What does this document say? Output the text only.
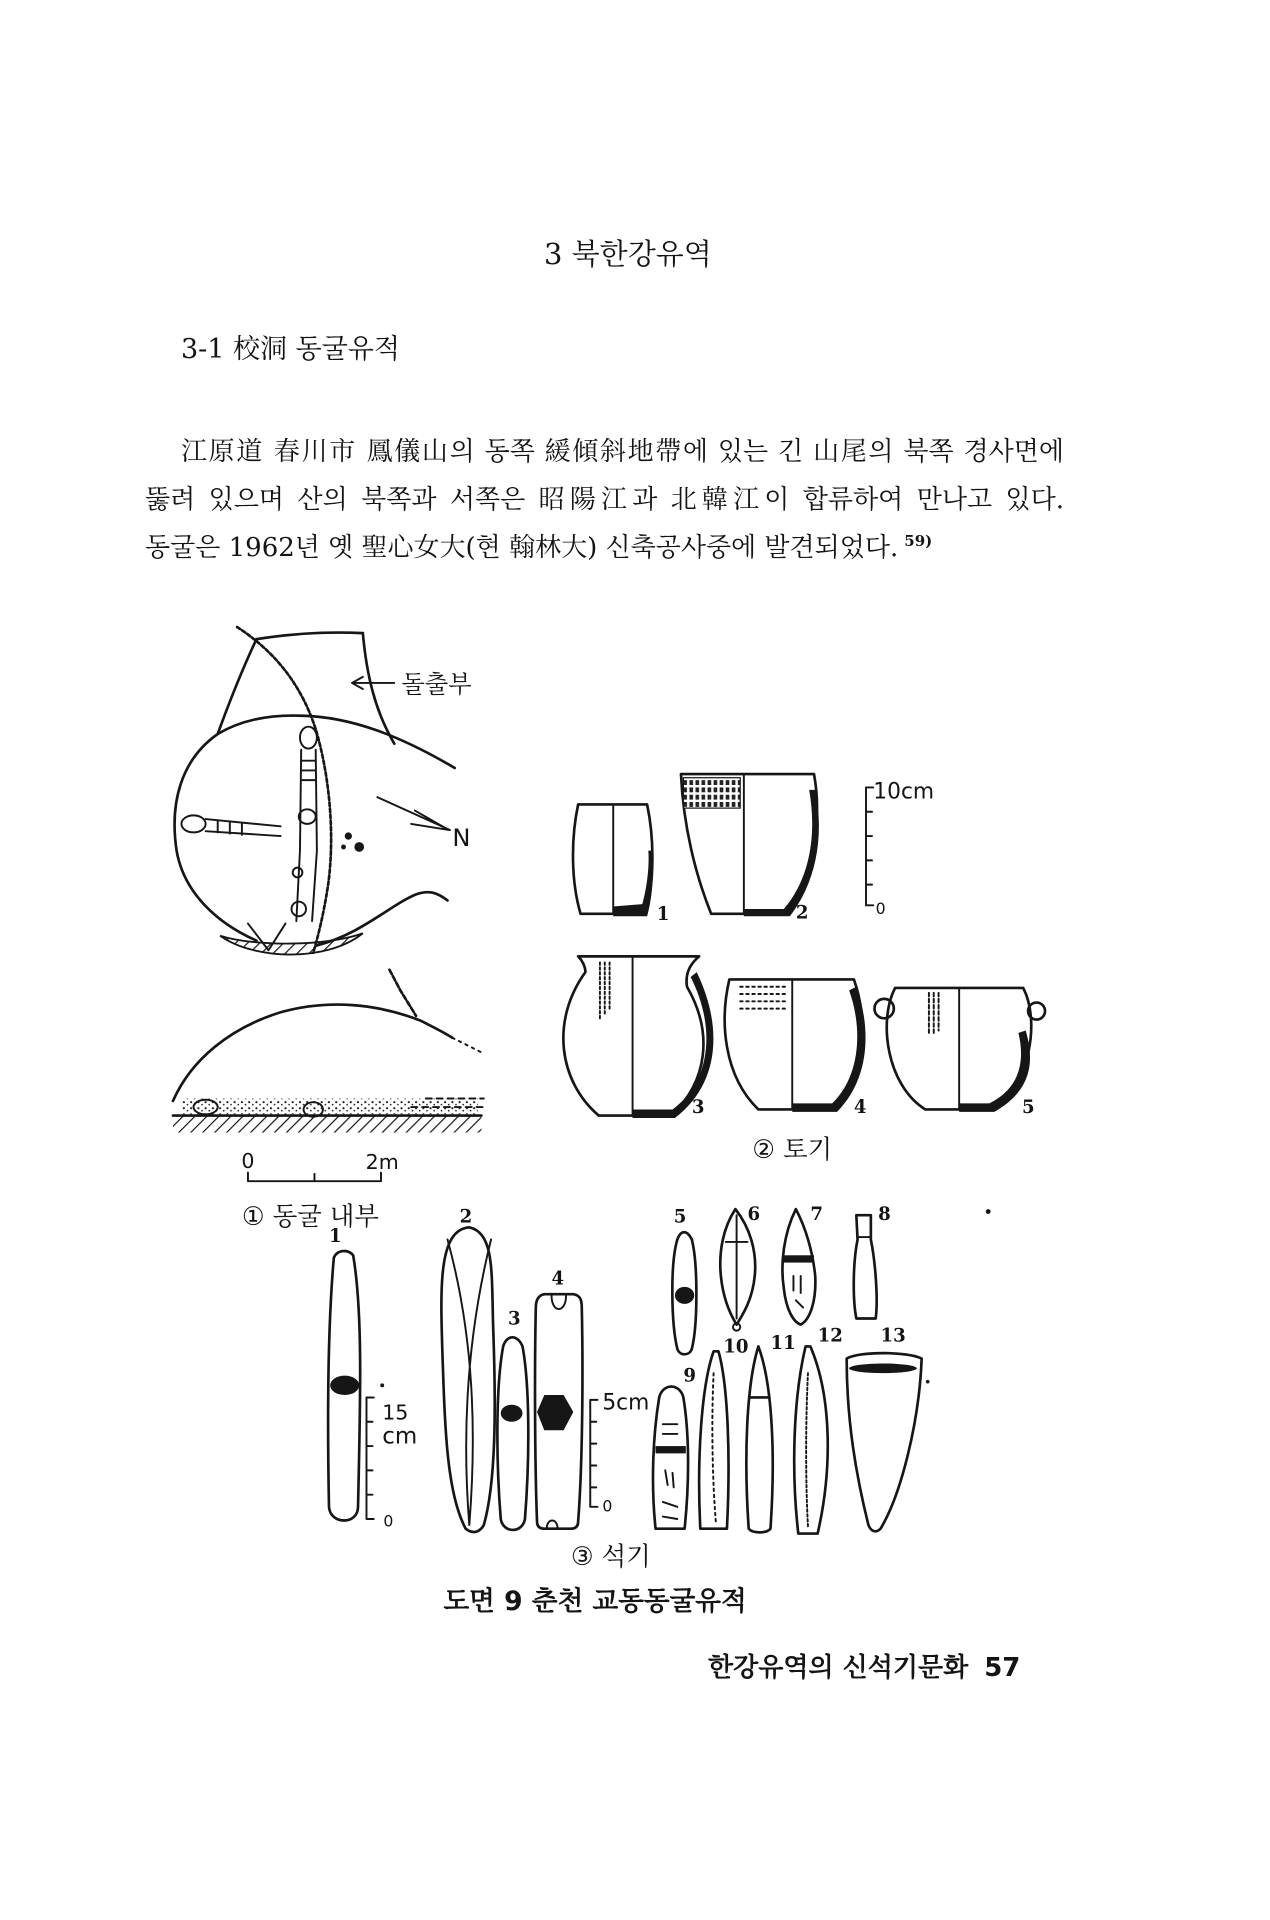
3 북한강유역
3-1 校洞 동굴유적
江原道 春川市 鳳儀山의 동쪽 緩傾斜地帶에 있는 긴 山尾의 북쪽 경사면에
뚫려 있으며 산의 북쪽과 서쪽은 昭陽江과 北韓江이 합류하여 만나고 있다.
동굴은 1962년 옛 聖心女大(현 翰林大) 신축공사중에 발견되었다. $^{59)}$
N
돌출부
0	2m
① 동굴 내부
1	2
10cm
0
3	4	5
② 토기
1
15
cm
0
2
3
4
5cm
0
5	6	7	8
9
10 11 12	13
③ 석기
도면 9 춘천 교동동굴유적
한강유역의 신석기문화 57
